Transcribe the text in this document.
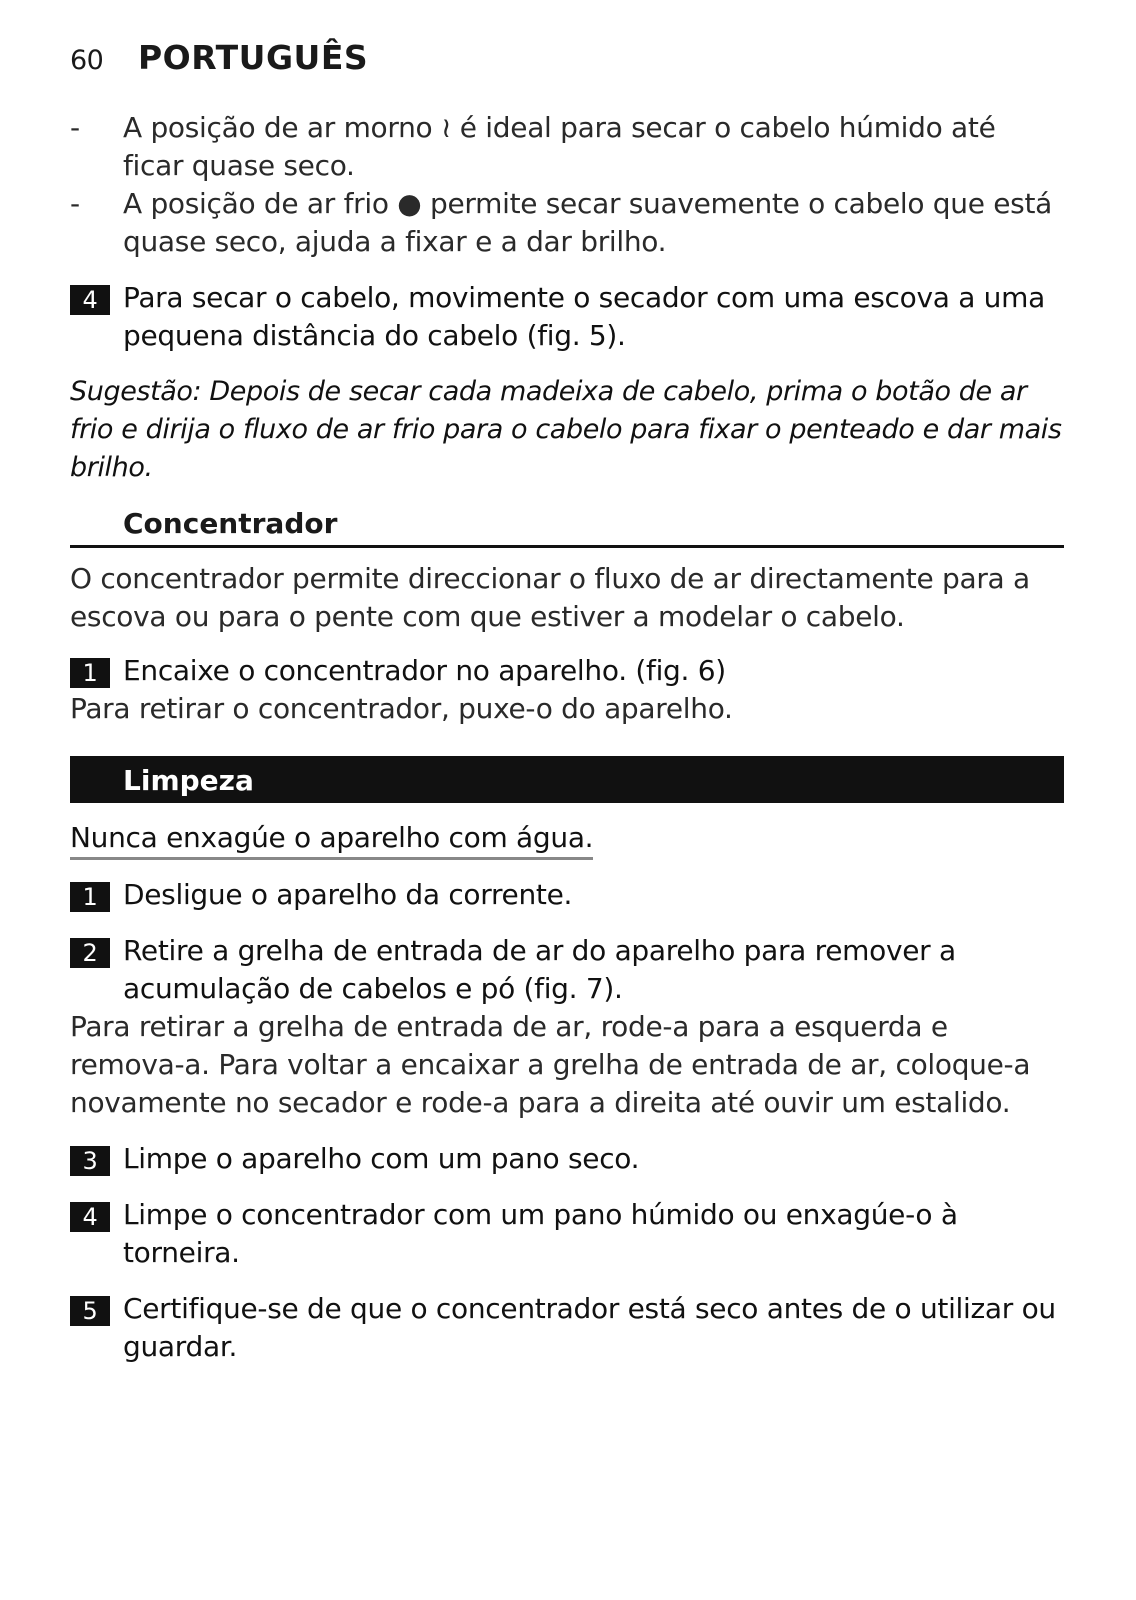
60	PORTUGUÊS
- A posição de ar morno ≀ é ideal para secar o cabelo húmido até ficar quase seco.
- A posição de ar frio ● permite secar suavemente o cabelo que está quase seco, ajuda a fixar e a dar brilho.
4 Para secar o cabelo, movimente o secador com uma escova a uma pequena distância do cabelo (fig. 5).
Sugestão: Depois de secar cada madeixa de cabelo, prima o botão de ar frio e dirija o fluxo de ar frio para o cabelo para fixar o penteado e dar mais brilho.
Concentrador
O concentrador permite direccionar o fluxo de ar directamente para a escova ou para o pente com que estiver a modelar o cabelo.
1 Encaixe o concentrador no aparelho. (fig. 6)
Para retirar o concentrador, puxe-o do aparelho.
Limpeza
Nunca enxagúe o aparelho com água.
1 Desligue o aparelho da corrente.
2 Retire a grelha de entrada de ar do aparelho para remover a acumulação de cabelos e pó (fig. 7).
Para retirar a grelha de entrada de ar, rode-a para a esquerda e remova-a. Para voltar a encaixar a grelha de entrada de ar, coloque-a novamente no secador e rode-a para a direita até ouvir um estalido.
3 Limpe o aparelho com um pano seco.
4 Limpe o concentrador com um pano húmido ou enxagúe-o à torneira.
5 Certifique-se de que o concentrador está seco antes de o utilizar ou guardar.
